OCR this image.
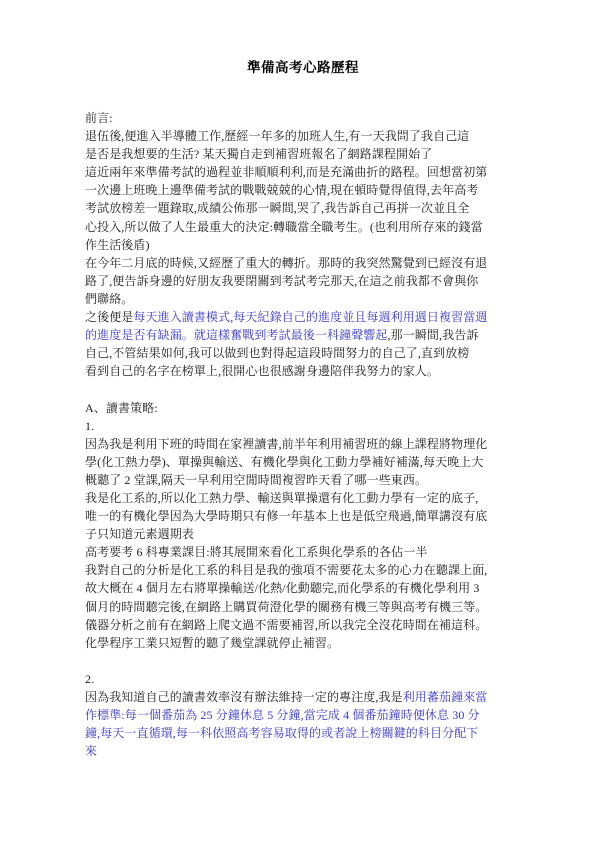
準備高考心路歷程
前言:
退伍後,便進入半導體工作,歷經一年多的加班人生,有一天我問了我自己這
是否是我想要的生活? 某天獨自走到補習班報名了網路課程開始了
這近兩年來準備考試的過程並非順順利利,而是充滿曲折的路程。回想當初第
一次邊上班晚上邊準備考試的戰戰兢兢的心情,現在頓時覺得值得,去年高考
考試放榜差一題錄取,成績公佈那一瞬間,哭了,我告訴自己再拼一次並且全
心投入,所以做了人生最重大的決定:轉職當全職考生。(也利用所存來的錢當
作生活後盾)
在今年二月底的時候,又經歷了重大的轉折。那時的我突然驚覺到已經沒有退
路了,便告訴身邊的好朋友我要閉關到考試考完那天,在這之前我都不會與你
們聯絡。
之後便是每天進入讀書模式,每天紀錄自己的進度並且每週利用週日複習當週
的進度是否有缺漏。就這樣奮戰到考試最後一科鐘聲響起,那一瞬間,我告訴
自己,不管結果如何,我可以做到也對得起這段時間努力的自己了,直到放榜
看到自己的名字在榜單上,很開心也很感謝身邊陪伴我努力的家人。

A、讀書策略:
1.
因為我是利用下班的時間在家裡讀書,前半年利用補習班的線上課程將物理化
學(化工熱力學)、單操與輸送、有機化學與化工動力學補好補滿,每天晚上大
概聽了 2 堂課,隔天一早利用空閒時間複習昨天看了哪一些東西。
我是化工系的,所以化工熱力學、輸送與單操還有化工動力學有一定的底子,
唯一的有機化學因為大學時期只有修一年基本上也是低空飛過,簡單講沒有底
子只知道元素週期表
高考要考 6 科專業課目:將其展開來看化工系與化學系的各佔一半
我對自己的分析是化工系的科目是我的強項不需要花太多的心力在聽課上面,
故大概在 4 個月左右將單操輸送/化熱/化動聽完,而化學系的有機化學利用 3
個月的時間聽完後,在網路上購買荷澄化學的關務有機三等與高考有機三等。
儀器分析之前有在網路上爬文過不需要補習,所以我完全沒花時間在補這科。
化學程序工業只短暫的聽了幾堂課就停止補習。

2.
因為我知道自己的讀書效率沒有辦法維持一定的專注度,我是利用蕃茄鐘來當
作標準:每一個番茄為 25 分鐘休息 5 分鐘,當完成 4 個番茄鐘時便休息 30 分
鐘,每天一直循環,每一科依照高考容易取得的或者說上榜關鍵的科目分配下
來
